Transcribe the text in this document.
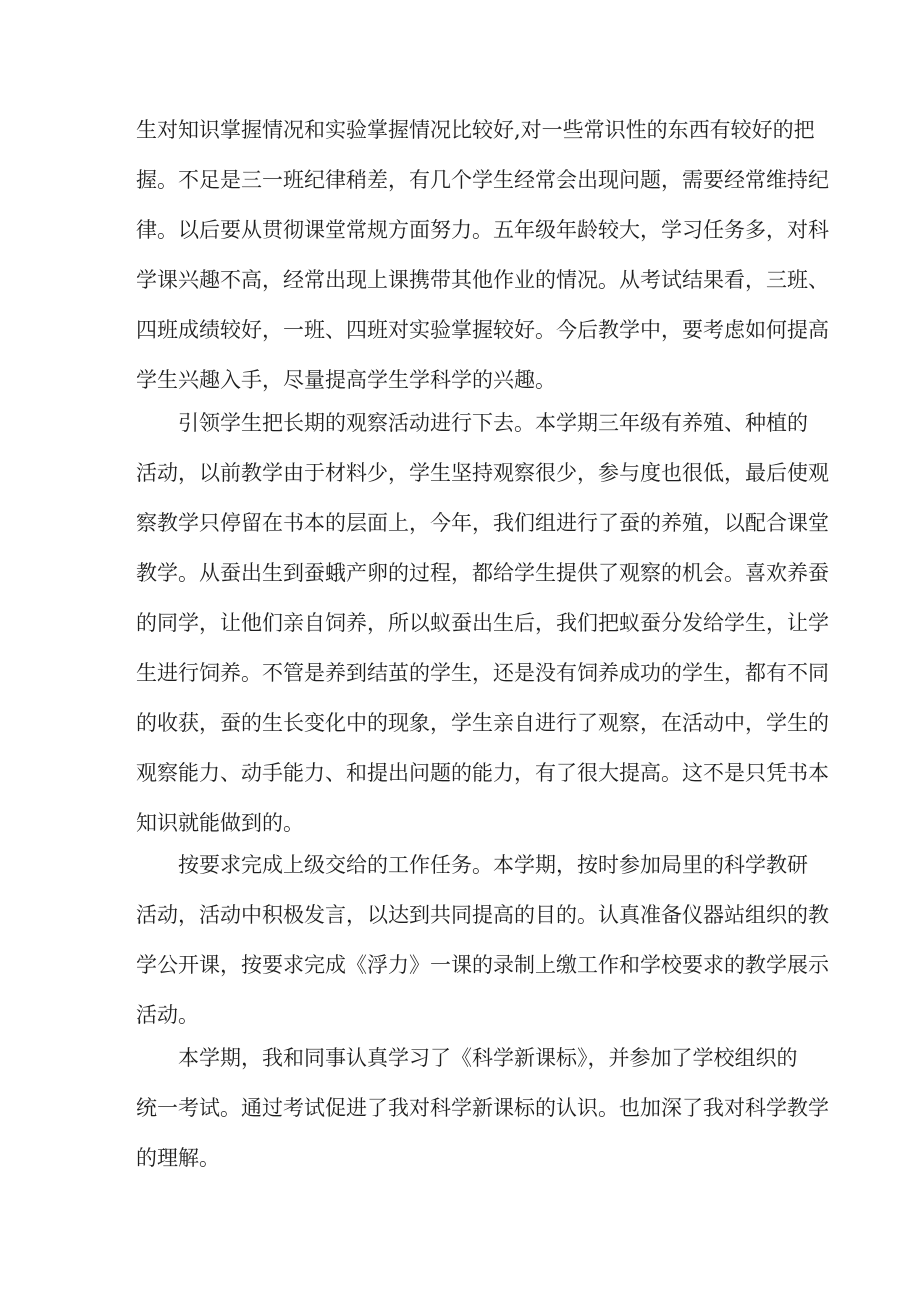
生对知识掌握情况和实验掌握情况比较好,对一些常识性的东西有较好的把
握。不足是三一班纪律稍差，有几个学生经常会出现问题，需要经常维持纪
律。以后要从贯彻课堂常规方面努力。五年级年龄较大，学习任务多，对科
学课兴趣不高，经常出现上课携带其他作业的情况。从考试结果看，三班、
四班成绩较好，一班、四班对实验掌握较好。今后教学中，要考虑如何提高
学生兴趣入手，尽量提高学生学科学的兴趣。
引领学生把长期的观察活动进行下去。本学期三年级有养殖、种植的
活动，以前教学由于材料少，学生坚持观察很少，参与度也很低，最后使观
察教学只停留在书本的层面上，今年，我们组进行了蚕的养殖，以配合课堂
教学。从蚕出生到蚕蛾产卵的过程，都给学生提供了观察的机会。喜欢养蚕
的同学，让他们亲自饲养，所以蚁蚕出生后，我们把蚁蚕分发给学生，让学
生进行饲养。不管是养到结茧的学生，还是没有饲养成功的学生，都有不同
的收获，蚕的生长变化中的现象，学生亲自进行了观察，在活动中，学生的
观察能力、动手能力、和提出问题的能力，有了很大提高。这不是只凭书本
知识就能做到的。
按要求完成上级交给的工作任务。本学期，按时参加局里的科学教研
活动，活动中积极发言，以达到共同提高的目的。认真准备仪器站组织的教
学公开课，按要求完成《浮力》一课的录制上缴工作和学校要求的教学展示
活动。
本学期，我和同事认真学习了《科学新课标》，并参加了学校组织的
统一考试。通过考试促进了我对科学新课标的认识。也加深了我对科学教学
的理解。
